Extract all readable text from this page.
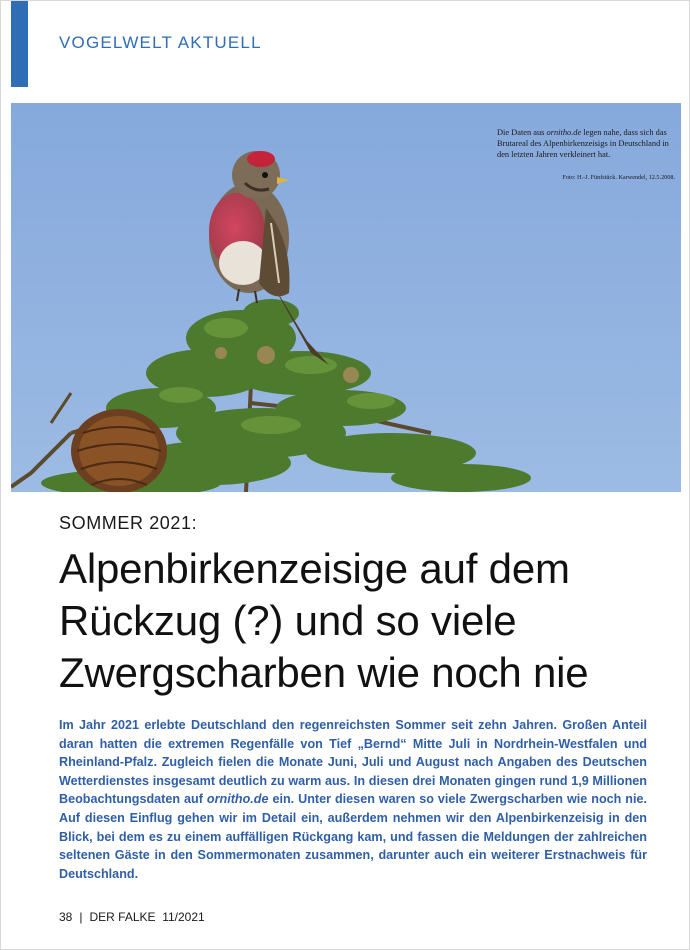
VOGELWELT AKTUELL
Die Daten aus ornitho.de legen nahe, dass sich das Brutareal des Alpenbirkenzeisigs in Deutschland in den letzten Jahren verkleinert hat.
Foto: H.-J. Fünfstück. Karwendel, 12.5.2008.
SOMMER 2021:
Alpenbirkenzeisige auf dem
Rückzug (?) und so viele
Zwergscharben wie noch nie

Im Jahr 2021 erlebte Deutschland den regenreichsten Sommer seit zehn Jahren. Großen Anteil daran hatten die extremen Regenfälle von Tief „Bernd“ Mitte Juli in Nordrhein-Westfalen und Rheinland-Pfalz. Zugleich fielen die Monate Juni, Juli und August nach Angaben des Deutschen Wetterdienstes insgesamt deutlich zu warm aus. In diesen drei Monaten gingen rund 1,9 Millionen Beobachtungsdaten auf ornitho.de ein. Unter diesen waren so viele Zwergscharben wie noch nie. Auf diesen Einflug gehen wir im Detail ein, außerdem nehmen wir den Alpenbirkenzeisig in den Blick, bei dem es zu einem auffälligen Rückgang kam, und fassen die Meldungen der zahlreichen seltenen Gäste in den Sommermonaten zusammen, darunter auch ein weiterer Erstnachweis für Deutschland.

38 | DER FALKE 11/2021
